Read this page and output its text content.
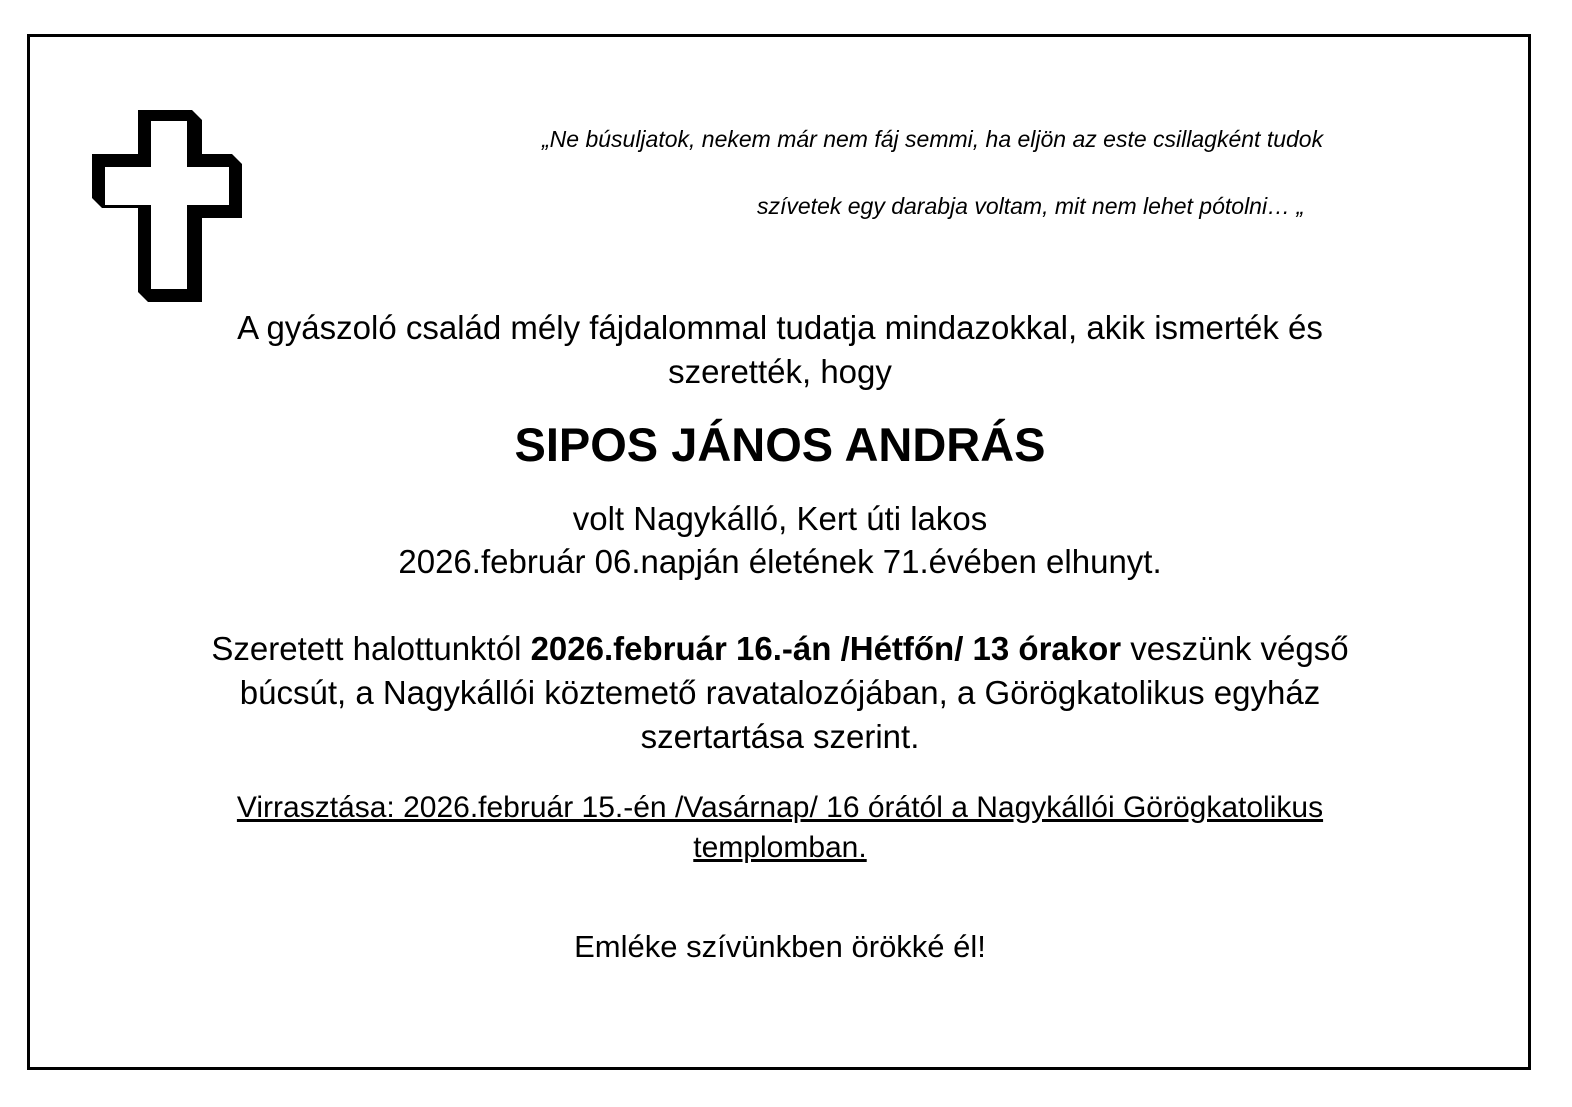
„Ne búsuljatok, nekem már nem fáj semmi, ha eljön az este csillagként tudok
szívetek egy darabja voltam, mit nem lehet pótolni… „
A gyászoló család mély fájdalommal tudatja mindazokkal, akik ismerték és
szerették, hogy
SIPOS JÁNOS ANDRÁS
volt Nagykálló, Kert úti lakos
2026.február 06.napján életének 71.évében elhunyt.
Szeretett halottunktól 2026.február 16.-án /Hétfőn/ 13 órakor veszünk végső
búcsút, a Nagykállói köztemető ravatalozójában, a Görögkatolikus egyház
szertartása szerint.
Virrasztása: 2026.február 15.-én /Vasárnap/ 16 órától a Nagykállói Görögkatolikus
templomban.
Emléke szívünkben örökké él!
